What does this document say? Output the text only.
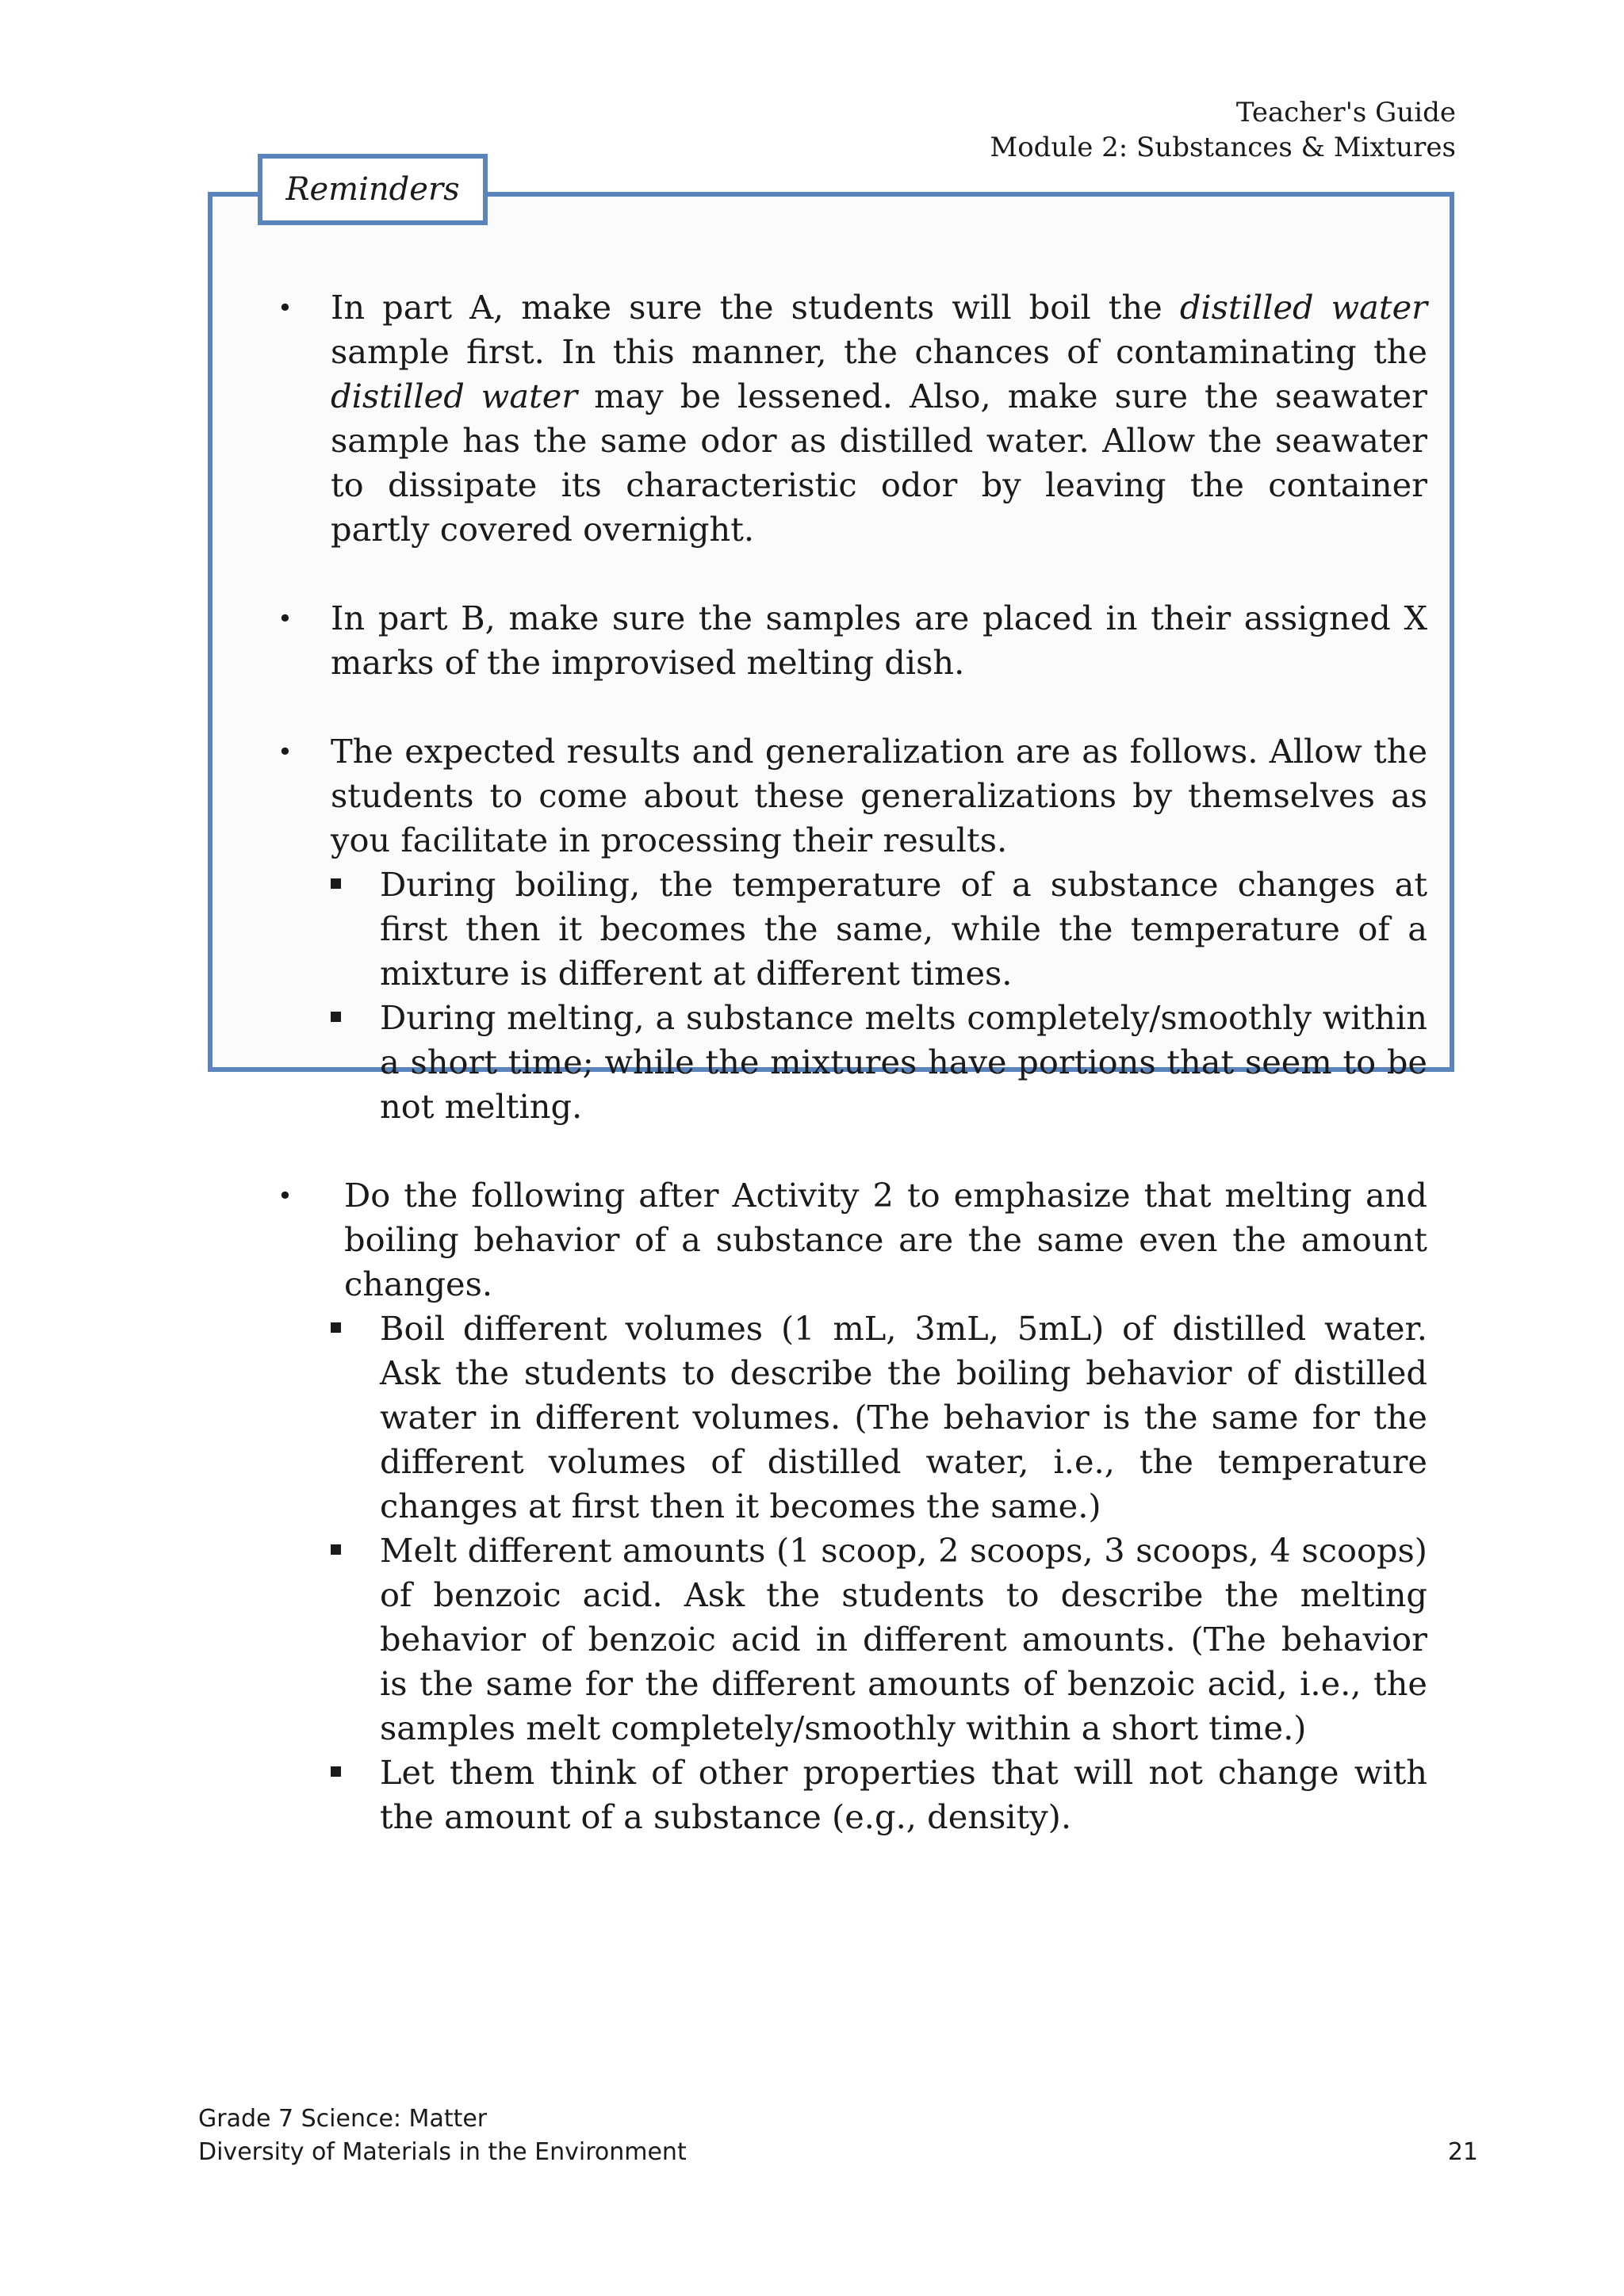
Teacher's Guide
Module 2: Substances & Mixtures
Reminders
• In part A, make sure the students will boil the distilled water sample first. In this manner, the chances of contaminating the distilled water may be lessened. Also, make sure the seawater sample has the same odor as distilled water. Allow the seawater to dissipate its characteristic odor by leaving the container partly covered overnight.

• In part B, make sure the samples are placed in their assigned X marks of the improvised melting dish.

• The expected results and generalization are as follows. Allow the students to come about these generalizations by themselves as you facilitate in processing their results.

During boiling, the temperature of a substance changes at first then it becomes the same, while the temperature of a mixture is different at different times.
During melting, a substance melts completely/smoothly within a short time; while the mixtures have portions that seem to be not melting.
•	Do the following after Activity 2 to emphasize that melting and boiling behavior of a substance are the same even the amount changes.

Boil different volumes (1 mL, 3mL, 5mL) of distilled water. Ask the students to describe the boiling behavior of distilled water in different volumes. (The behavior is the same for the different volumes of distilled water, i.e., the temperature changes at first then it becomes the same.)
Melt different amounts (1 scoop, 2 scoops, 3 scoops, 4 scoops) of benzoic acid. Ask the students to describe the melting behavior of benzoic acid in different amounts. (The behavior is the same for the different amounts of benzoic acid, i.e., the samples melt completely/smoothly within a short time.)
Let them think of other properties that will not change with the amount of a substance (e.g., density).
Grade 7 Science: Matter
Diversity of Materials in the Environment	21
